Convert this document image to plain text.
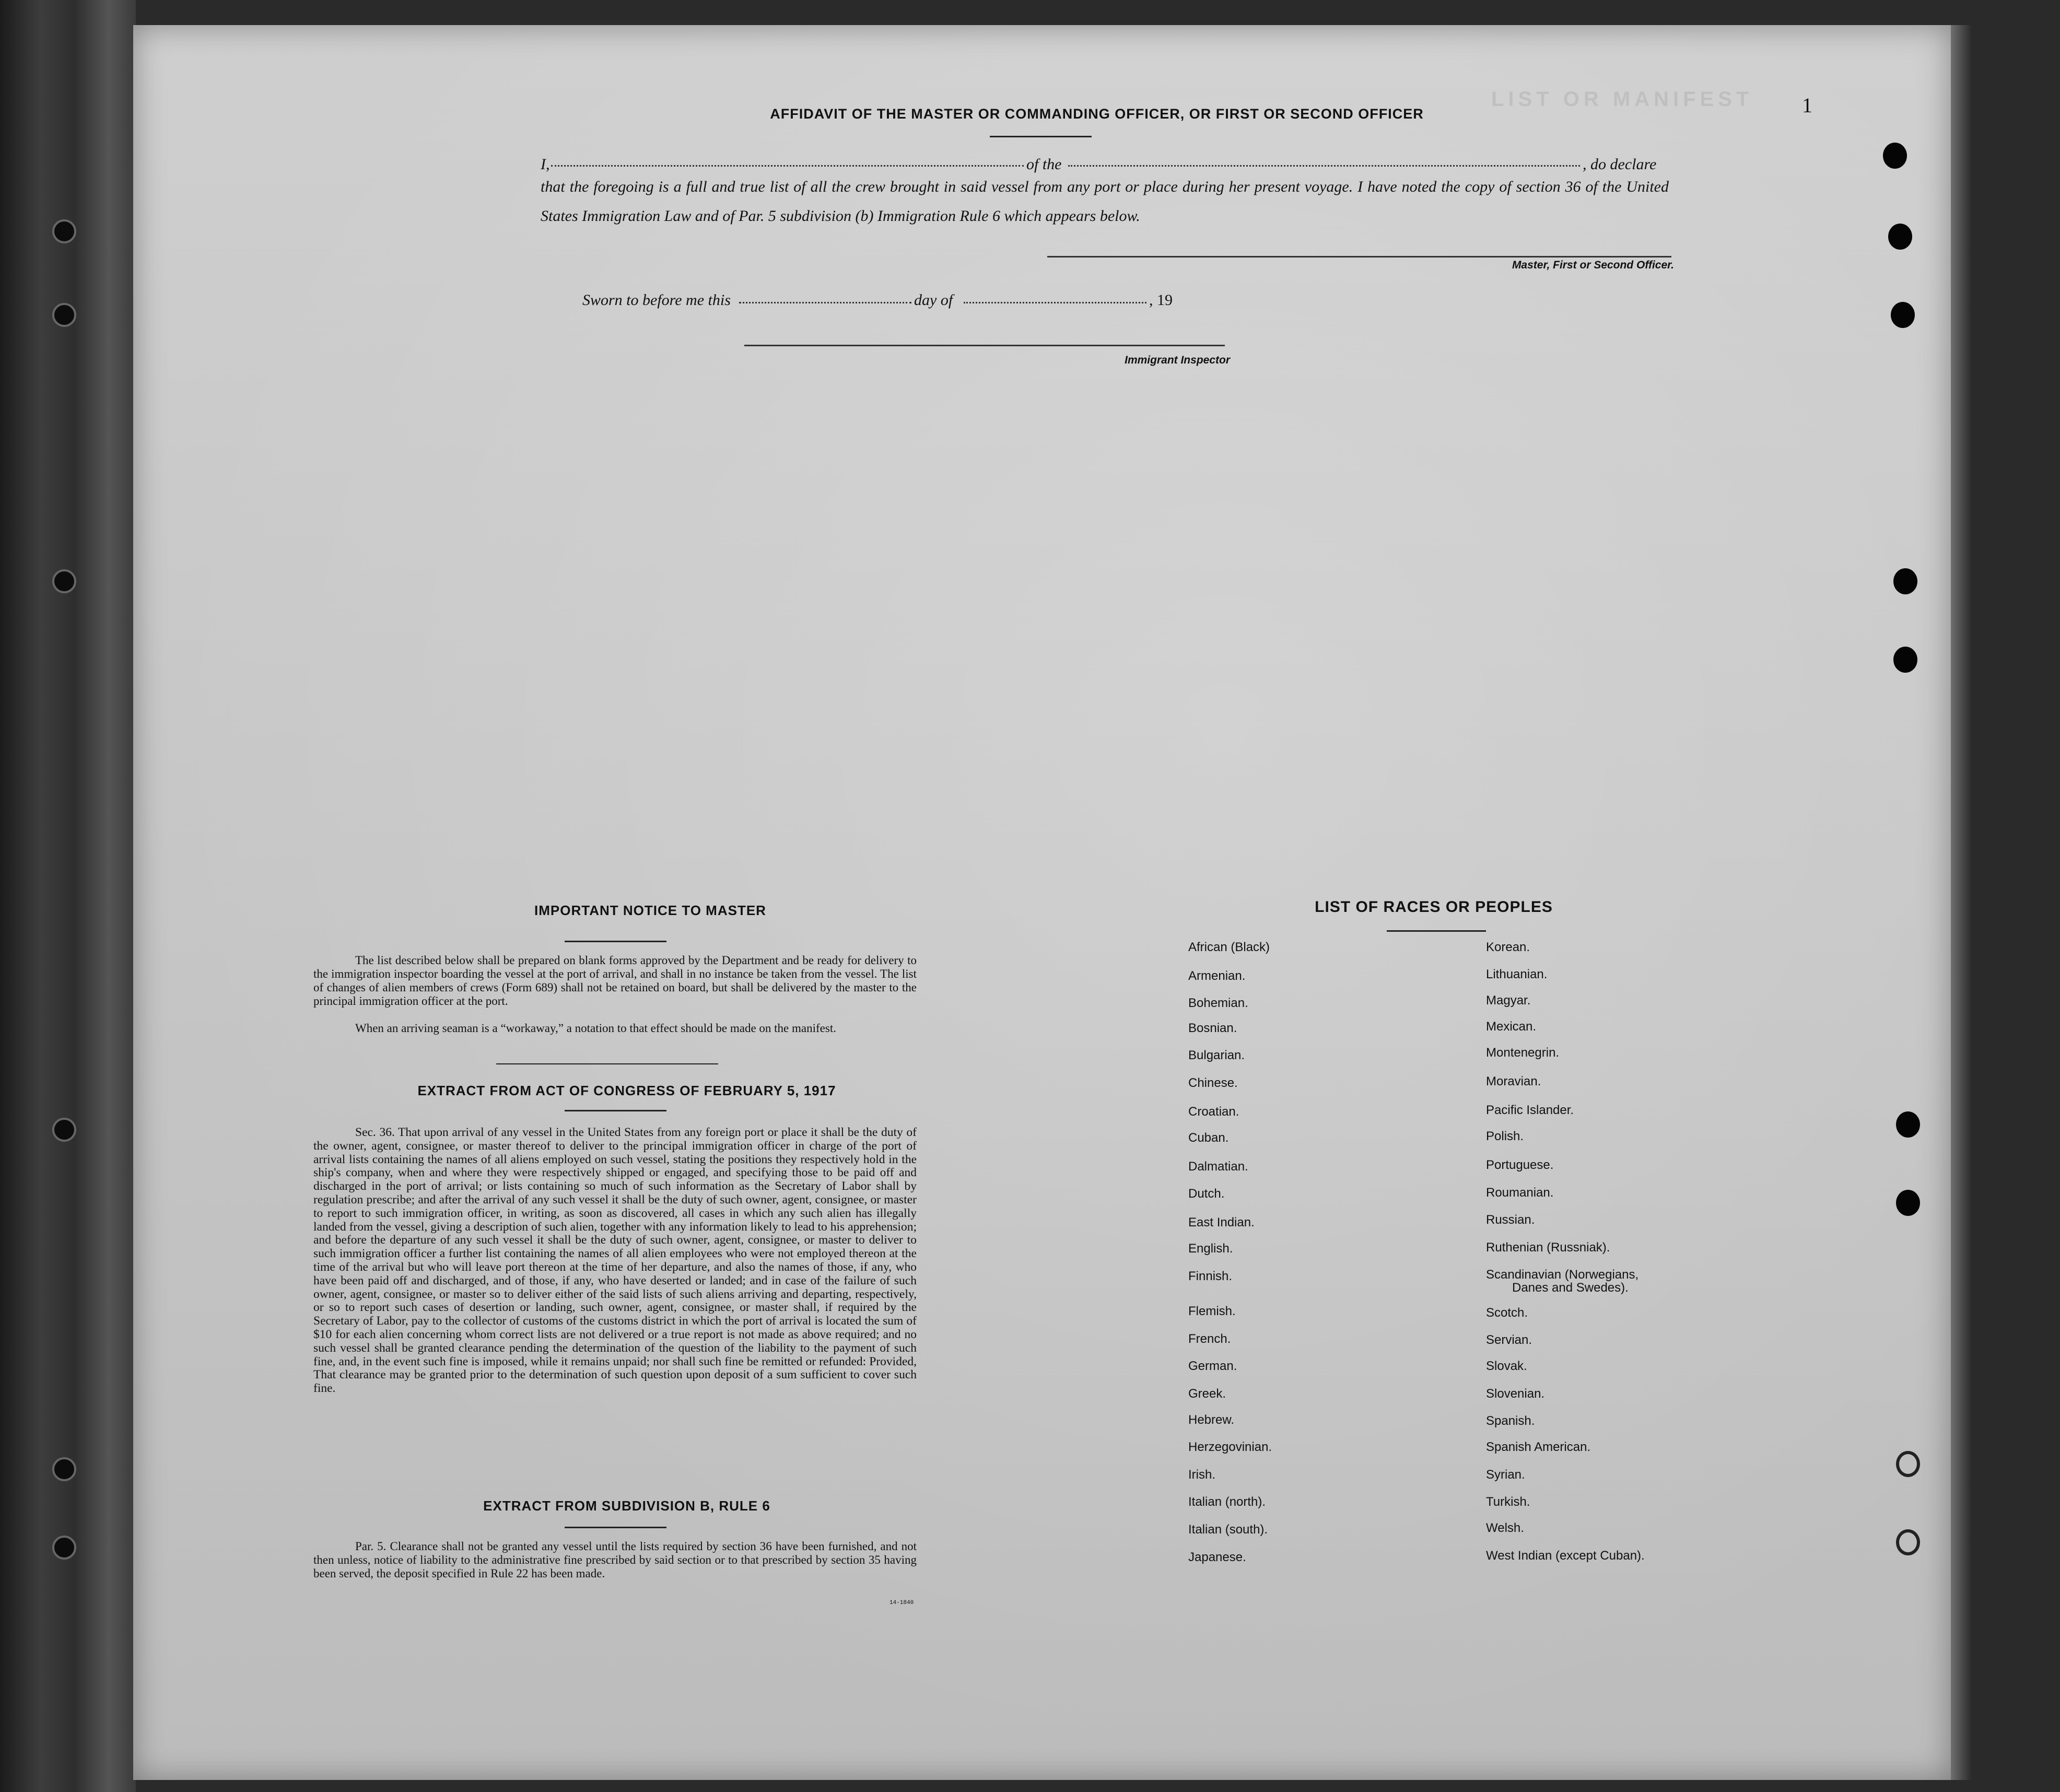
LIST OR MANIFEST 1
AFFIDAVIT OF THE MASTER OR COMMANDING OFFICER, OR FIRST OR SECOND OFFICER
I,	of the	, do declare
that the foregoing is a full and true list of all the crew brought in said vessel from any port or place during her present voyage. I have noted the copy of section 36 of the United States Immigration Law and of Par. 5 subdivision (b) Immigration Rule 6 which appears below.
Master, First or Second Officer.
Sworn to before me this	day of	, 19
Immigrant Inspector
IMPORTANT NOTICE TO MASTER
The list described below shall be prepared on blank forms approved by the Department and be ready for delivery to the immigration inspector boarding the vessel at the port of arrival, and shall in no instance be taken from the vessel. The list of changes of alien members of crews (Form 689) shall not be retained on board, but shall be delivered by the master to the principal immigration officer at the port.
When an arriving seaman is a “workaway,” a notation to that effect should be made on the manifest.
EXTRACT FROM ACT OF CONGRESS OF FEBRUARY 5, 1917
Sec. 36. That upon arrival of any vessel in the United States from any foreign port or place it shall be the duty of the owner, agent, consignee, or master thereof to deliver to the principal immigration officer in charge of the port of arrival lists containing the names of all aliens employed on such vessel, stating the positions they respectively hold in the ship's company, when and where they were respectively shipped or engaged, and specifying those to be paid off and discharged in the port of arrival; or lists containing so much of such information as the Secretary of Labor shall by regulation prescribe; and after the arrival of any such vessel it shall be the duty of such owner, agent, consignee, or master to report to such immigration officer, in writing, as soon as discovered, all cases in which any such alien has illegally landed from the vessel, giving a description of such alien, together with any information likely to lead to his apprehension; and before the departure of any such vessel it shall be the duty of such owner, agent, consignee, or master to deliver to such immigration officer a further list containing the names of all alien employees who were not employed thereon at the time of the arrival but who will leave port thereon at the time of her departure, and also the names of those, if any, who have been paid off and discharged, and of those, if any, who have deserted or landed; and in case of the failure of such owner, agent, consignee, or master so to deliver either of the said lists of such aliens arriving and departing, respectively, or so to report such cases of desertion or landing, such owner, agent, consignee, or master shall, if required by the Secretary of Labor, pay to the collector of customs of the customs district in which the port of arrival is located the sum of $10 for each alien concerning whom correct lists are not delivered or a true report is not made as above required; and no such vessel shall be granted clearance pending the determination of the question of the liability to the payment of such fine, and, in the event such fine is imposed, while it remains unpaid; nor shall such fine be remitted or refunded: Provided, That clearance may be granted prior to the determination of such question upon deposit of a sum sufficient to cover such fine.
EXTRACT FROM SUBDIVISION B, RULE 6
Par. 5. Clearance shall not be granted any vessel until the lists required by section 36 have been furnished, and not then unless, notice of liability to the administrative fine prescribed by said section or to that prescribed by section 35 having been served, the deposit specified in Rule 22 has been made.
14-1840
LIST OF RACES OR PEOPLES
African (Black)
Armenian.
Bohemian.
Bosnian.
Bulgarian.
Chinese.
Croatian.
Cuban.
Dalmatian.
Dutch.
East Indian.
English.
Finnish.
Flemish.
French.
German.
Greek.
Hebrew.
Herzegovinian.
Irish.
Italian (north).
Italian (south).
Japanese.
Korean.
Lithuanian.
Magyar.
Mexican.
Montenegrin.
Moravian.
Pacific Islander.
Polish.
Portuguese.
Roumanian.
Russian.
Ruthenian (Russniak).
Scandinavian (Norwegians,
Scotch.
Servian.
Slovak.
Slovenian.
Spanish.
Spanish American.
Syrian.
Turkish.
Welsh.
West Indian (except Cuban).
Danes and Swedes).
